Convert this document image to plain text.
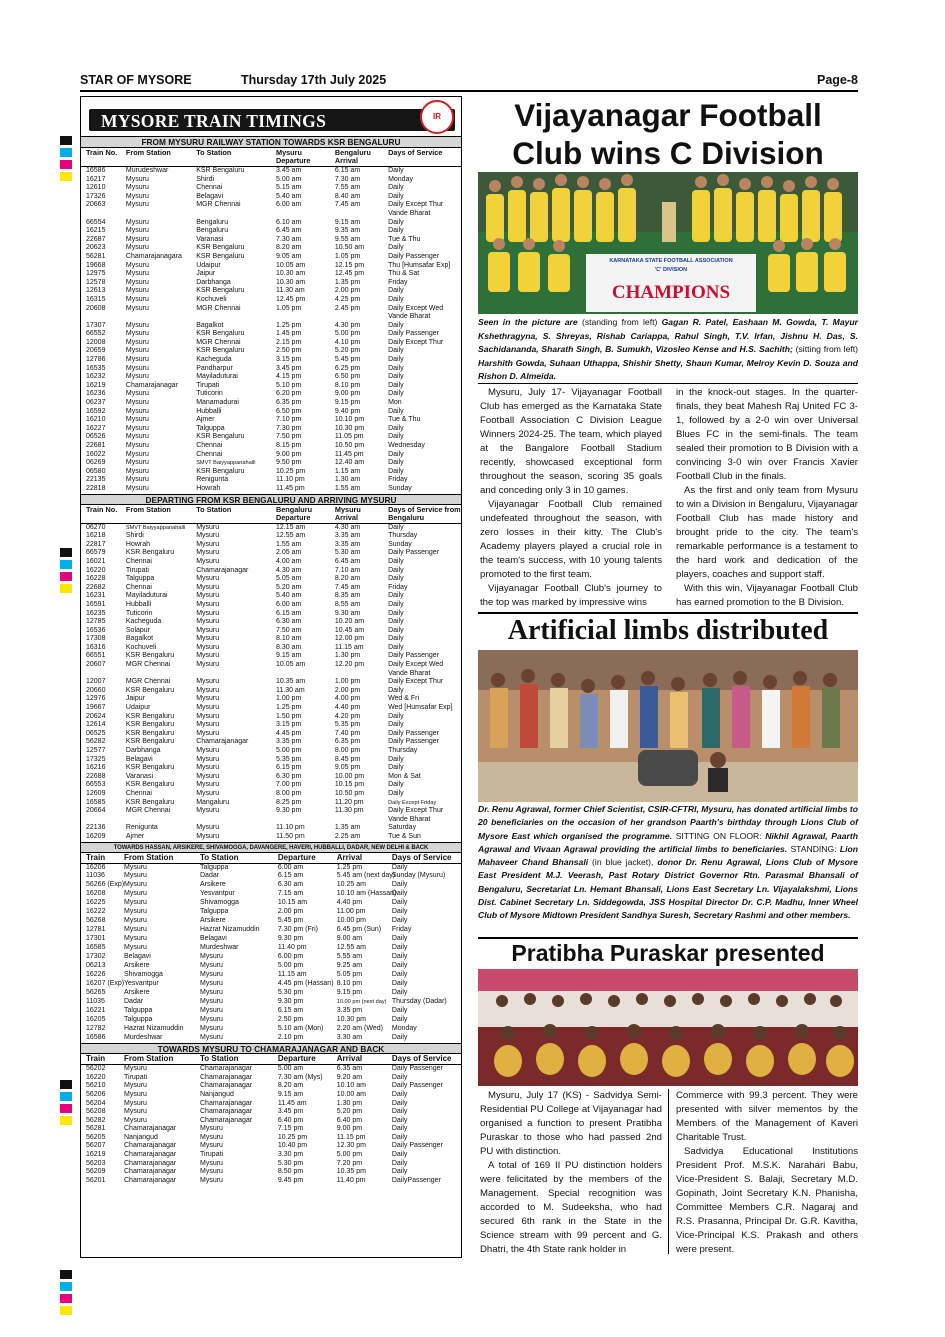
STAR OF MYSORE	Thursday 17th July 2025	Page-8
MYSORE TRAIN TIMINGS	IR
FROM MYSURU RAILWAY STATION TOWARDS KSR BENGALURU
Train No.	From Station	To Station	Mysuru Departure	Bengaluru Arrival	Days of Service
16586	Murudeshwar	KSR Bengaluru	3.45 am	6.15 am	Daily
16217	Mysuru	Shirdi	5.00 am	7.30 am	Monday
12610	Mysuru	Chennai	5.15 am	7.55 am	Daily
17326	Mysuru	Belagavi	5.40 am	8.40 am	Daily
20663	Mysuru	MGR Chennai	6.00 am	7.45 am	Daily Except Thur
					Vande Bharat
66554	Mysuru	Bengaluru	6.10 am	9.15 am	Daily
16215	Mysuru	Bengaluru	6.45 am	9.35 am	Daily
22687	Mysuru	Varanasi	7.30 am	9.55 am	Tue & Thu
20623	Mysuru	KSR Bengaluru	8.20 am	10.50 am	Daily
56281	Chamarajanagara	KSR Bengaluru	9.05 am	1.05 pm	Daily Passenger
19668	Mysuru	Udaipur	10.05 am	12.15 pm	Thu [Humsafar Exp]
12975	Mysuru	Jaipur	10.30 am	12.45 pm	Thu & Sat
12578	Mysuru	Darbhanga	10.30 am	1.35 pm	Friday
12613	Mysuru	KSR Bengaluru	11.30 am	2.00 pm	Daily
16315	Mysuru	Kochuveli	12.45 pm	4.25 pm	Daily
20608	Mysuru	MGR Chennai	1.05 pm	2.45 pm	Daily Except Wed
					Vande Bharat
17307	Mysuru	Bagalkot	1.25 pm	4.30 pm	Daily
66552	Mysuru	KSR Bengaluru	1.45 pm	5.00 pm	Daily Passenger
12008	Mysuru	MGR Chennai	2.15 pm	4.10 pm	Daily Except Thur
20659	Mysuru	KSR Bengaluru	2.50 pm	5.20 pm	Daily
12786	Mysuru	Kacheguda	3.15 pm	5.45 pm	Daily
16535	Mysuru	Pandharpur	3.45 pm	6.25 pm	Daily
16232	Mysuru	Mayiladuturai	4.15 pm	6.50 pm	Daily
16219	Chamarajanagar	Tirupati	5.10 pm	8.10 pm	Daily
16236	Mysuru	Tuticorin	6.20 pm	9.00 pm	Daily
06237	Mysuru	Manamadurai	6.35 pm	9.15 pm	Mon
16592	Mysuru	Hubballi	6.50 pm	9.40 pm	Daily
16210	Mysuru	Ajmer	7.10 pm	10.10 pm	Tue & Thu
16227	Mysuru	Talguppa	7.30 pm	10.30 pm	Daily
06526	Mysuru	KSR Bengaluru	7.50 pm	11.05 pm	Daily
22681	Mysuru	Chennai	8.15 pm	10.50 pm	Wednesday
16022	Mysuru	Chennai	9.00 pm	11.45 pm	Daily
06269	Mysuru	SMVT Baiyyappanahalli	9.50 pm	12.40 am	Daily
06580	Mysuru	KSR Bengaluru	10.25 pm	1.15 am	Daily
22135	Mysuru	Renigunta	11.10 pm	1.30 am	Friday
22818	Mysuru	Howrah	11.45 pm	1.55 am	Sunday
DEPARTING FROM KSR BENGALURU AND ARRIVING MYSURU
Train No.	From Station	To Station	Bengaluru Departure	Mysuru Arrival	Days of Service from Bengaluru
06270	SMVT Baiyyappanahalli	Mysuru	12.15 am	4.30 am	Daily
16218	Shirdi	Mysuru	12.55 am	3.35 am	Thursday
22817	Howrah	Mysuru	1.55 am	3.35 am	Sunday
66579	KSR Bengaluru	Mysuru	2.05 am	5.30 am	Daily Passenger
16021	Chennai	Mysuru	4.00 am	6.45 am	Daily
16220	Tirupati	Chamarajanagar	4.30 am	7.10 am	Daily
16228	Talguppa	Mysuru	5.05 am	8.20 am	Daily
22682	Chennai	Mysuru	5.20 am	7.45 am	Friday
16231	Mayiladuturai	Mysuru	5.40 am	8.35 am	Daily
16591	Hubballi	Mysuru	6.00 am	8.55 am	Daily
16235	Tuticorin	Mysuru	6.15 am	9.30 am	Daily
12785	Kacheguda	Mysuru	6.30 am	10.20 am	Daily
16536	Solapur	Mysuru	7.50 am	10.45 am	Daily
17308	Bagalkot	Mysuru	8.10 am	12.00 pm	Daily
16316	Kochuveli	Mysuru	8.30 am	11.15 am	Daily
66551	KSR Bengaluru	Mysuru	9.15 am	1.30 pm	Daily Passenger
20607	MGR Chennai	Mysuru	10.05 am	12.20 pm	Daily Except Wed
					Vande Bharat
12007	MGR Chennai	Mysuru	10.35 am	1.00 pm	Daily Except Thur
20660	KSR Bengaluru	Mysuru	11.30 am	2.00 pm	Daily
12976	Jaipur	Mysuru	1.00 pm	4.00 pm	Wed & Fri
19667	Udaipur	Mysuru	1.25 pm	4.40 pm	Wed [Humsafar Exp]
20624	KSR Bengaluru	Mysuru	1.50 pm	4.20 pm	Daily
12614	KSR Bengaluru	Mysuru	3.15 pm	5.35 pm	Daily
06525	KSR Bengaluru	Mysuru	4.45 pm	7.40 pm	Daily Passenger
56282	KSR Bengaluru	Chamarajanagar	3.35 pm	6.35 pm	Daily Passenger
12577	Darbhanga	Mysuru	5.00 pm	8.00 pm	Thursday
17325	Belagavi	Mysuru	5.35 pm	8.45 pm	Daily
16216	KSR Bengaluru	Mysuru	6.15 pm	9.05 pm	Daily
22688	Varanasi	Mysuru	6.30 pm	10.00 pm	Mon & Sat
66553	KSR Bengaluru	Mysuru	7.00 pm	10.15 pm	Daily
12609	Chennai	Mysuru	8.00 pm	10.50 pm	Daily
16585	KSR Bengaluru	Mangaluru	8.25 pm	11.20 pm	Daily Except Friday
20664	MGR Chennai	Mysuru	9.30 pm	11.30 pm	Daily Except Thur
					Vande Bharat
22136	Renigunta	Mysuru	11.10 pm	1.35 am	Saturday
16209	Ajmer	Mysuru	11.50 pm	2.25 am	Tue & Sun
TOWARDS HASSAN, ARSIKERE, SHIVAMOGGA, DAVANGERE, HAVERI, HUBBALLI, DADAR, NEW DELHI & BACK
Train	From Station	To Station	Departure	Arrival	Days of Service
16206	Mysuru	Talguppa	6.00 am	1.25 pm	Daily
11036	Mysuru	Dadar	6.15 am	5.45 am (next day)	Sunday (Mysuru)
56266 (Exp)	Mysuru	Arsikere	6.30 am	10.25 am	Daily
16208	Mysuru	Yesvantpur	7.15 am	10.10 am (Hassan)	Daily
16225	Mysuru	Shivamogga	10.15 am	4.40 pm	Daily
16222	Mysuru	Talguppa	2.00 pm	11.00 pm	Daily
56268	Mysuru	Arsikere	5.45 pm	10.00 pm	Daily
12781	Mysuru	Hazrat Nizamuddin	7.30 pm (Fri)	6.45 pm (Sun)	Friday
17301	Mysuru	Belagavi	9.30 pm	9.00 am	Daily
16585	Mysuru	Murdeshwar	11.40 pm	12.55 am	Daily
17302	Belagavi	Mysuru	6.00 pm	5.55 am	Daily
06213	Arsikere	Mysuru	5.00 pm	9.25 am	Daily
16226	Shivamogga	Mysuru	11.15 am	5.05 pm	Daily
16207 (Exp)	Yesvantpur	Mysuru	4.45 pm (Hassan)	8.10 pm	Daily
56265	Arsikere	Mysuru	5.30 pm	9.15 pm	Daily
11035	Dadar	Mysuru	9.30 pm	10.00 pm (next day)	Thursday (Dadar)
16221	Talguppa	Mysuru	6.15 am	3.35 pm	Daily
16205	Talguppa	Mysuru	2.50 pm	10.30 pm	Daily
12782	Hazrat Nizamuddin	Mysuru	5.10 am (Mon)	2.20 am (Wed)	Monday
16586	Murdeshwar	Mysuru	2.10 pm	3.30 am	Daily
TOWARDS MYSURU TO CHAMARAJANAGAR AND BACK
Train	From Station	To Station	Departure	Arrival	Days of Service
56202	Mysuru	Chamarajanagar	5.00 am	6.35 am	Daily Passenger
16220	Tirupati	Chamarajanagar	7.30 am (Mys)	9.20 am	Daily
56210	Mysuru	Chamarajanagar	8.20 am	10.10 am	Daily Passenger
56206	Mysuru	Nanjangud	9.15 am	10.00 am	Daily
56204	Mysuru	Chamarajanagar	11.45 am	1.30 pm	Daily
56208	Mysuru	Chamarajanagar	3.45 pm	5.20 pm	Daily
56282	Mysuru	Chamarajanagar	6.40 pm	6.40 pm	Daily
56281	Chamarajanagar	Mysuru	7.15 pm	9.00 pm	Daily
56205	Nanjangud	Mysuru	10.25 pm	11.15 pm	Daily
56207	Chamarajanagar	Mysuru	10.40 pm	12.30 pm	Daily Passenger
16219	Chamarajanagar	Tirupati	3.30 pm	5.00 pm	Daily
56203	Chamarajanagar	Mysuru	5.30 pm	7.20 pm	Daily
56209	Chamarajanagar	Mysuru	8.50 pm	10.35 pm	Daily
56201	Chamarajanagar	Mysuru	9.45 pm	11.40 pm	DailyPassenger
Vijayanagar Football Club wins C Division
KARNATAKA STATE FOOTBALL ASSOCIATION
'C' DIVISION
CHAMPIONS
Seen in the picture are (standing from left) Gagan R. Patel, Eashaan M. Gowda, T. Mayur Kshethragyna, S. Shreyas, Rishab Cariappa, Rahul Singh, T.V. Irfan, Jishnu H. Das, S. Sachidananda, Sharath Singh, B. Sumukh, Vizosleo Kense and H.S. Sachith; (sitting from left) Harshith Gowda, Suhaan Uthappa, Shishir Shetty, Shaun Kumar, Melroy Kevin D. Souza and Rishon D. Almeida.

Mysuru, July 17- Vijayanagar Football Club has emerged as the Karnataka State Football Association C Division League Winners 2024-25. The team, which played at the Bangalore Football Stadium recently, showcased exceptional form throughout the season, scoring 35 goals and conceding only 3 in 10 games.

Vijayanagar Football Club remained undefeated throughout the season, with zero losses in their kitty. The Club's Academy players played a crucial role in the team's success, with 10 young talents promoted to the first team.

Vijayanagar Football Club's journey to the top was marked by impressive wins

in the knock-out stages. In the quarter-finals, they beat Mahesh Raj United FC 3-1, followed by a 2-0 win over Universal Blues FC in the semi-finals. The team sealed their promotion to B Division with a convincing 3-0 win over Francis Xavier Football Club in the finals.

As the first and only team from Mysuru to win a Division in Bengaluru, Vijayanagar Football Club has made history and brought pride to the city. The team's remarkable performance is a testament to the hard work and dedication of the players, coaches and support staff.

With this win, Vijayanagar Football Club has earned promotion to the B Division.

Artificial limbs distributed
Dr. Renu Agrawal, former Chief Scientist, CSIR-CFTRI, Mysuru, has donated artificial limbs to 20 beneficiaries on the occasion of her grandson Paarth's birthday through Lions Club of Mysore East which organised the programme. SITTING ON FLOOR: Nikhil Agrawal, Paarth Agrawal and Vivaan Agrawal providing the artificial limbs to beneficiaries. STANDING: Lion Mahaveer Chand Bhansali (in blue jacket), donor Dr. Renu Agrawal, Lions Club of Mysore East President M.J. Veerash, Past Rotary District Governor Rtn. Parasmal Bhansali of Bengaluru, Secretariat Ln. Hemant Bhansali, Lions East Secretary Ln. Vijayalakshmi, Lions Dist. Cabinet Secretary Ln. Siddegowda, JSS Hospital Director Dr. C.P. Madhu, Inner Wheel Club of Mysore Midtown President Sandhya Suresh, Secretary Rashmi and other members.
Pratibha Puraskar presented

Mysuru, July 17 (KS) - Sadvidya Semi-Residential PU College at Vijayanagar had organised a function to present Pratibha Puraskar to those who had passed 2nd PU with distinction.

A total of 169 II PU distinction holders were felicitated by the members of the Management. Special recognition was accorded to M. Sudeeksha, who had secured 6th rank in the State in the Science stream with 99 percent and G. Dhatri, the 4th State rank holder in

Commerce with 99.3 percent. They were presented with silver mementos by the Members of the Management of Kaveri Charitable Trust.

Sadvidya Educational Institutions President Prof. M.S.K. Narahari Babu, Vice-President S. Balaji, Secretary M.D. Gopinath, Joint Secretary K.N. Phanisha, Committee Members C.R. Nagaraj and R.S. Prasanna, Principal Dr. G.R. Kavitha, Vice-Principal K.S. Prakash and others were present.
